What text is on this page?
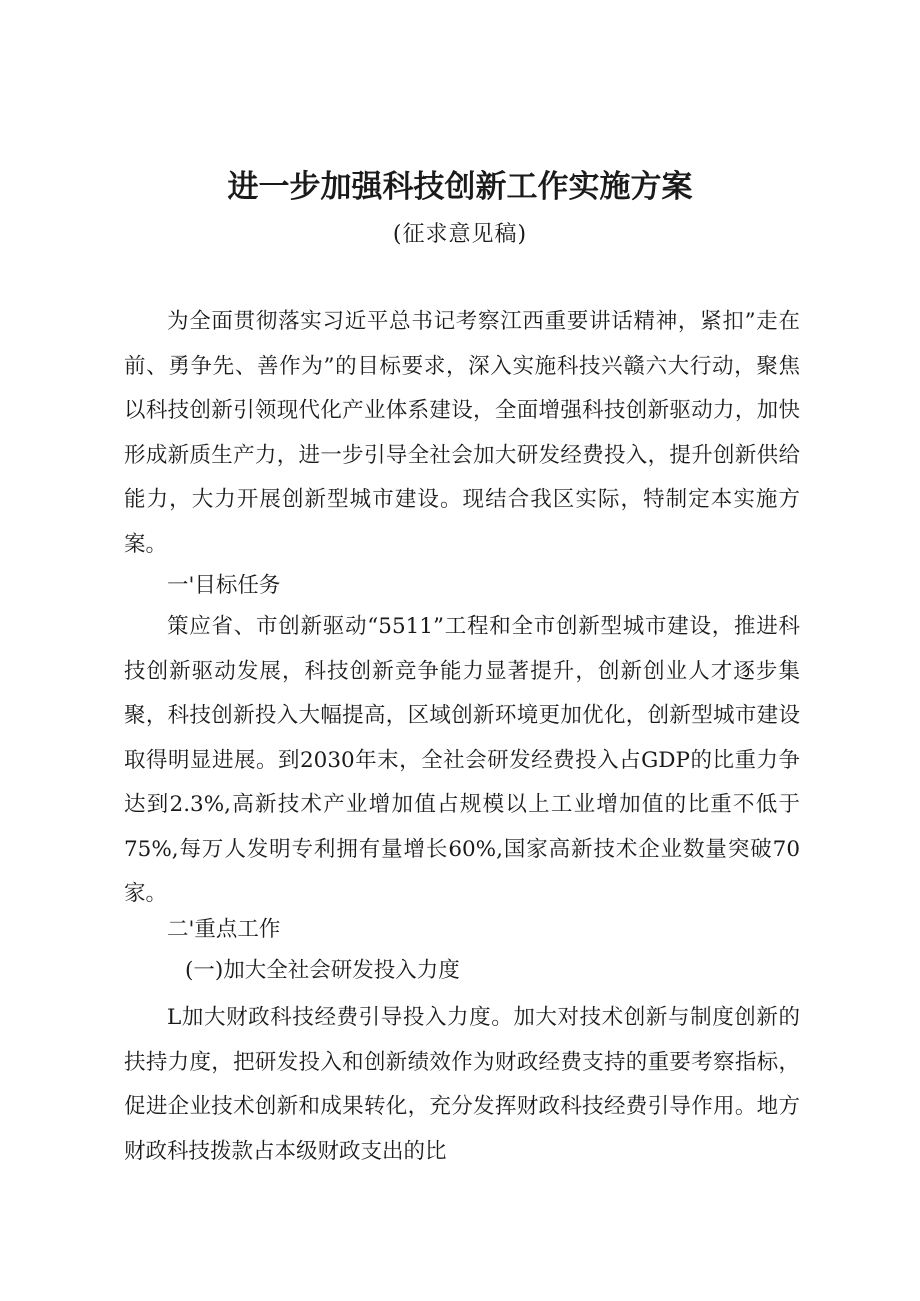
进一步加强科技创新工作实施方案
(征求意见稿)
为全面贯彻落实习近平总书记考察江西重要讲话精神，紧扣”走在前、勇争先、善作为”的目标要求，深入实施科技兴赣六大行动，聚焦以科技创新引领现代化产业体系建设，全面增强科技创新驱动力，加快形成新质生产力，进一步引导全社会加大研发经费投入，提升创新供给能力，大力开展创新型城市建设。现结合我区实际，特制定本实施方案。
一'目标任务
策应省、市创新驱动“5511”工程和全市创新型城市建设，推进科技创新驱动发展，科技创新竞争能力显著提升，创新创业人才逐步集聚，科技创新投入大幅提高，区域创新环境更加优化，创新型城市建设取得明显进展。到2030年末，全社会研发经费投入占GDP的比重力争达到2.3%,高新技术产业增加值占规模以上工业增加值的比重不低于75%,每万人发明专利拥有量增长60%,国家高新技术企业数量突破70家。
二'重点工作
(一)加大全社会研发投入力度
L加大财政科技经费引导投入力度。加大对技术创新与制度创新的扶持力度，把研发投入和创新绩效作为财政经费支持的重要考察指标，促进企业技术创新和成果转化，充分发挥财政科技经费引导作用。地方财政科技拨款占本级财政支出的比
